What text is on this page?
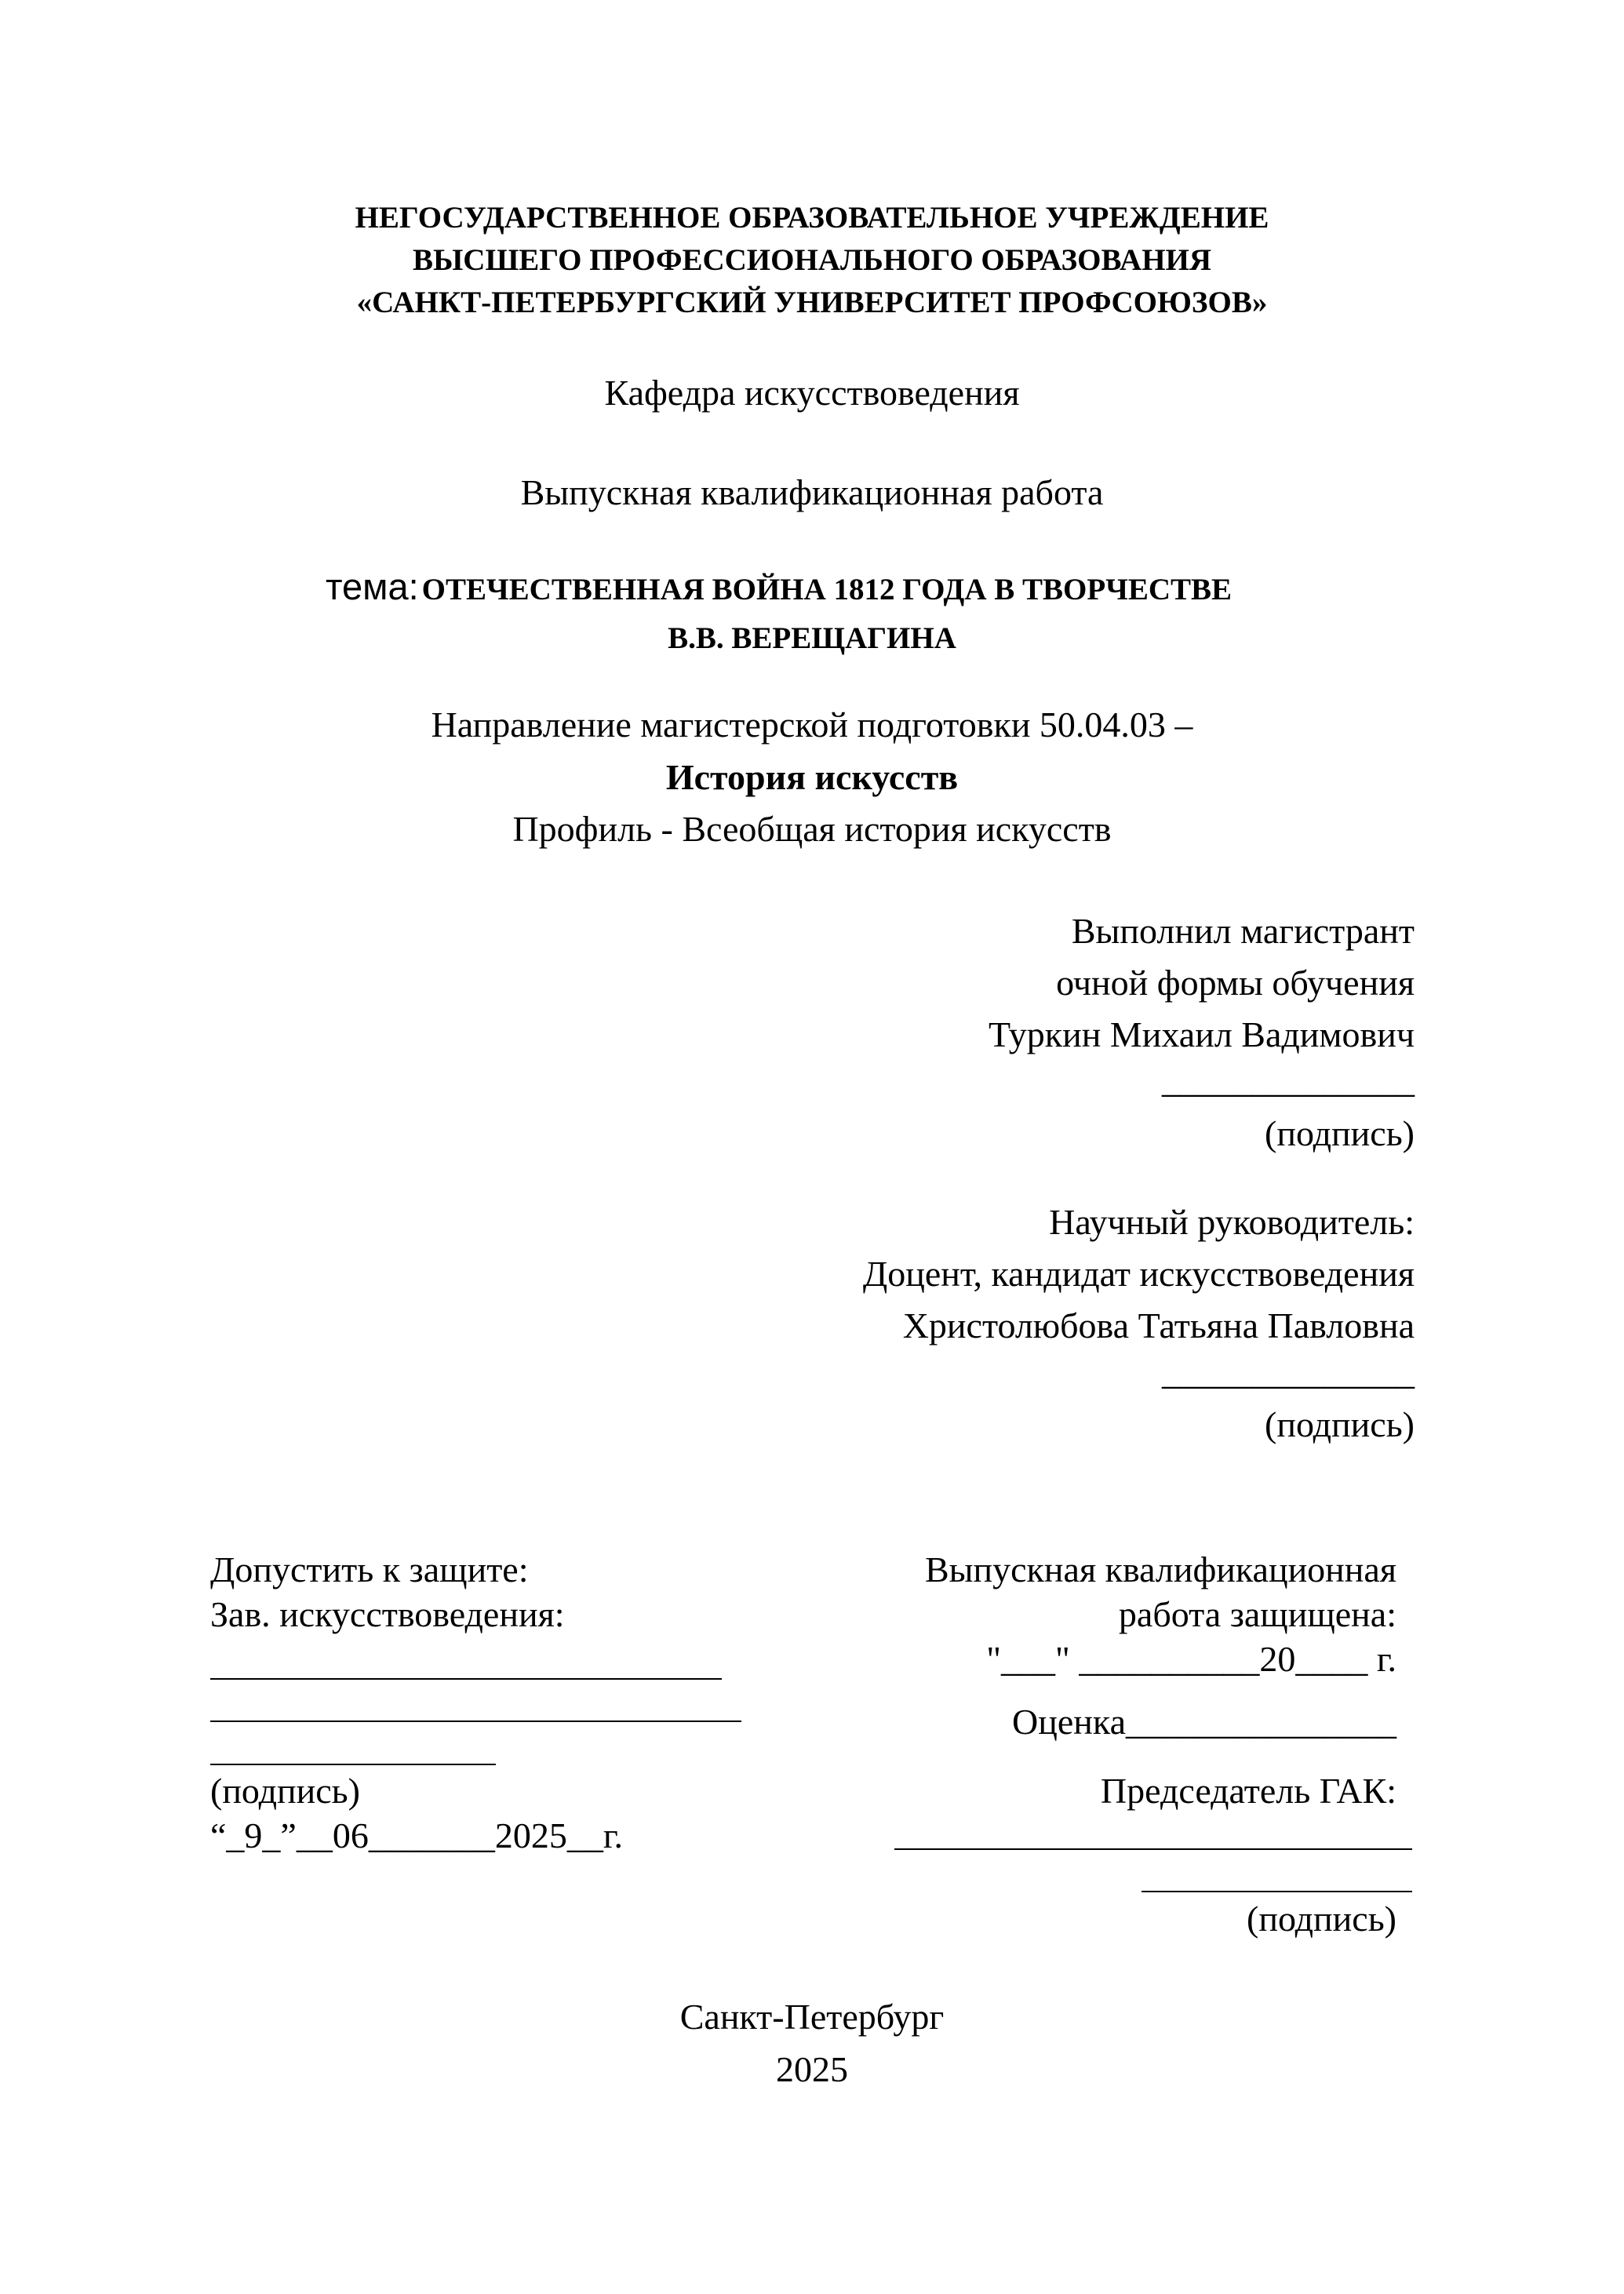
НЕГОСУДАРСТВЕННОЕ ОБРАЗОВАТЕЛЬНОЕ УЧРЕЖДЕНИЕ
ВЫСШЕГО ПРОФЕССИОНАЛЬНОГО ОБРАЗОВАНИЯ
«САНКТ-ПЕТЕРБУРГСКИЙ УНИВЕРСИТЕТ ПРОФСОЮЗОВ»
Кафедра искусствоведения
Выпускная квалификационная работа
тема: ОТЕЧЕСТВЕННАЯ ВОЙНА 1812 ГОДА В ТВОРЧЕСТВЕ
В.В. ВЕРЕЩАГИНА
Направление магистерской подготовки 50.04.03 –
История искусств
Профиль - Всеобщая история искусств
Выполнил магистрант
очной формы обучения
Туркин Михаил Вадимович
______________
(подпись)
Научный руководитель:
Доцент, кандидат искусствоведения
Христолюбова Татьяна Павловна
______________
(подпись)
Допустить к защите:
Зав. искусствоведения:
(подпись)
“_9_”__06_______2025__г.
Выпускная квалификационная
работа защищена:
"___" __________20____ г.
Оценка_______________
Председатель ГАК:
(подпись)
Санкт-Петербург
2025
